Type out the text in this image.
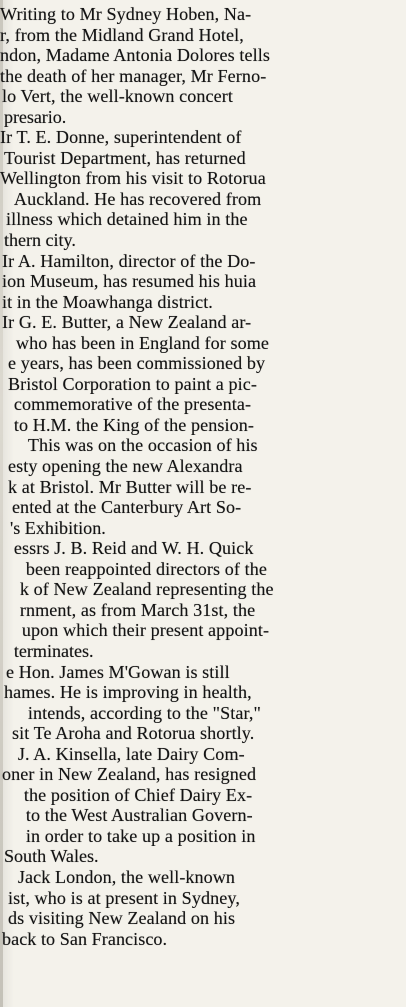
Writing to Mr Sydney Hoben, Na-
r, from the Midland Grand Hotel,
ndon, Madame Antonia Dolores tells
the death of her manager, Mr Ferno-
lo Vert, the well-known concert
presario.
Ir T. E. Donne, superintendent of
Tourist Department, has returned
Wellington from his visit to Rotorua
Auckland. He has recovered from
illness which detained him in the
thern city.
Ir A. Hamilton, director of the Do-
ion Museum, has resumed his huia
it in the Moawhanga district.
Ir G. E. Butter, a New Zealand ar-
who has been in England for some
e years, has been commissioned by
Bristol Corporation to paint a pic-
commemorative of the presenta-
to H.M. the King of the pension-
This was on the occasion of his
esty opening the new Alexandra
k at Bristol. Mr Butter will be re-
ented at the Canterbury Art So-
's Exhibition.
essrs J. B. Reid and W. H. Quick
been reappointed directors of the
k of New Zealand representing the
rnment, as from March 31st, the
upon which their present appoint-
terminates.
e Hon. James M'Gowan is still
hames. He is improving in health,
intends, according to the "Star,"
sit Te Aroha and Rotorua shortly.
J. A. Kinsella, late Dairy Com-
oner in New Zealand, has resigned
the position of Chief Dairy Ex-
to the West Australian Govern-
in order to take up a position in
South Wales.
Jack London, the well-known
ist, who is at present in Sydney,
ds visiting New Zealand on his
back to San Francisco.
